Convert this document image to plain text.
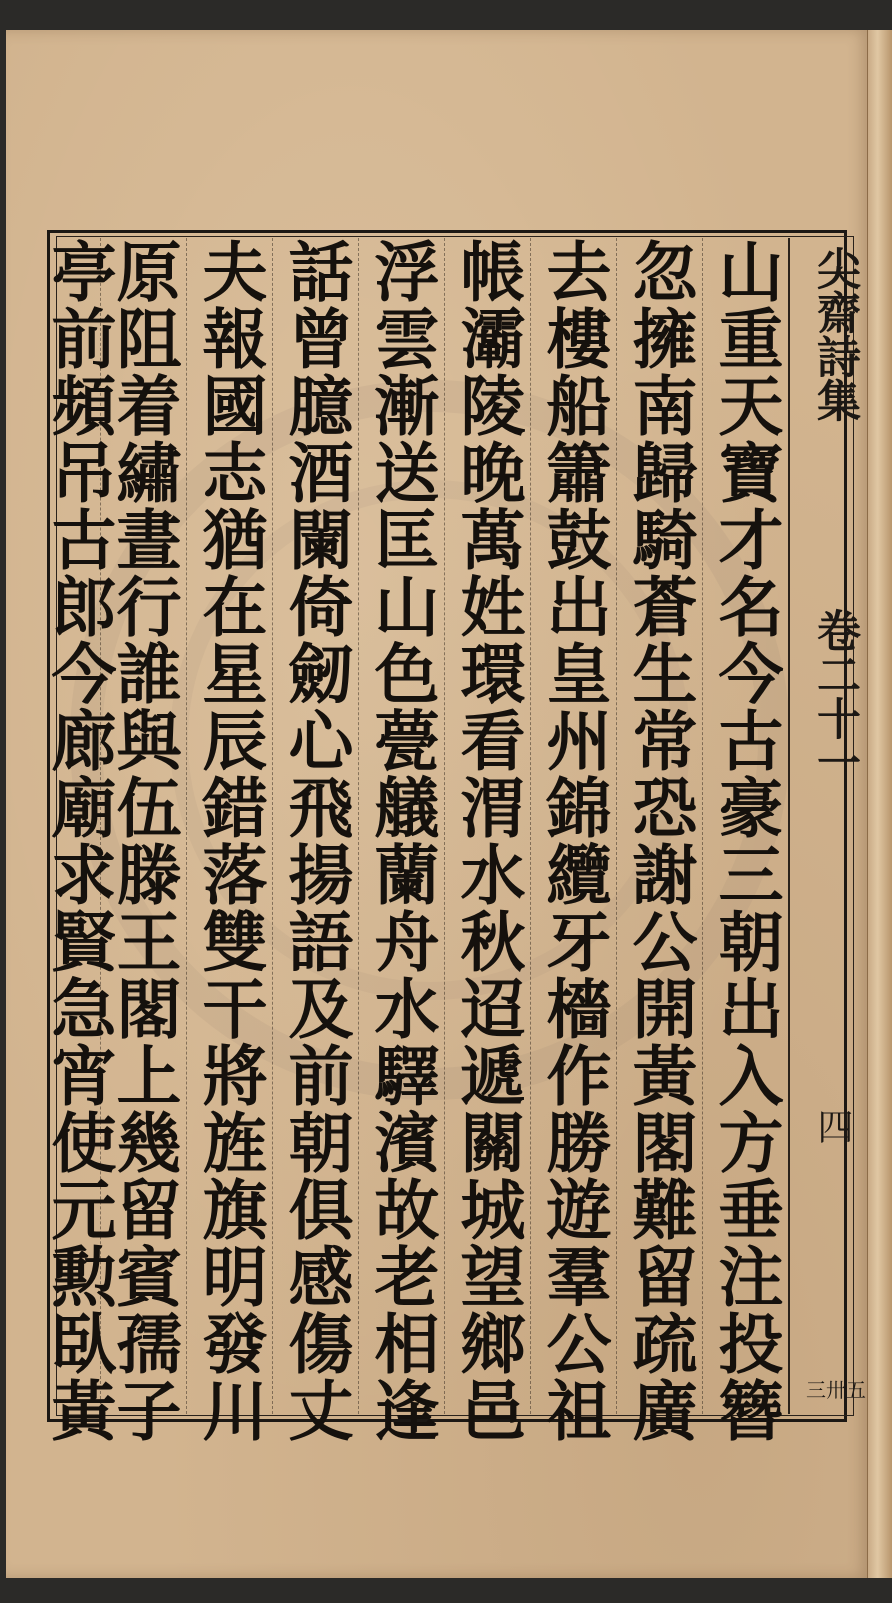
尖齋詩集
卷二十一
四
三卅五
山重天寶才名今古豪三朝出入方垂注投簪
忽擁南歸騎蒼生常恐謝公開黃閣難留疏廣
去樓船簫鼓出皇州錦纜牙檣作勝遊羣公祖
帳灞陵晚萬姓環看渭水秋迢遞關城望鄉邑
浮雲漸送匡山色甍艤蘭舟水驛濱故老相逢
話曾臆酒闌倚劒心飛揚語及前朝俱感傷丈
夫報國志猶在星辰錯落雙干將旌旗明發川
原阻着繡晝行誰與伍滕王閣上幾留賓孺子
亭前頻吊古郎今廊廟求賢急宵使元勲臥黃
